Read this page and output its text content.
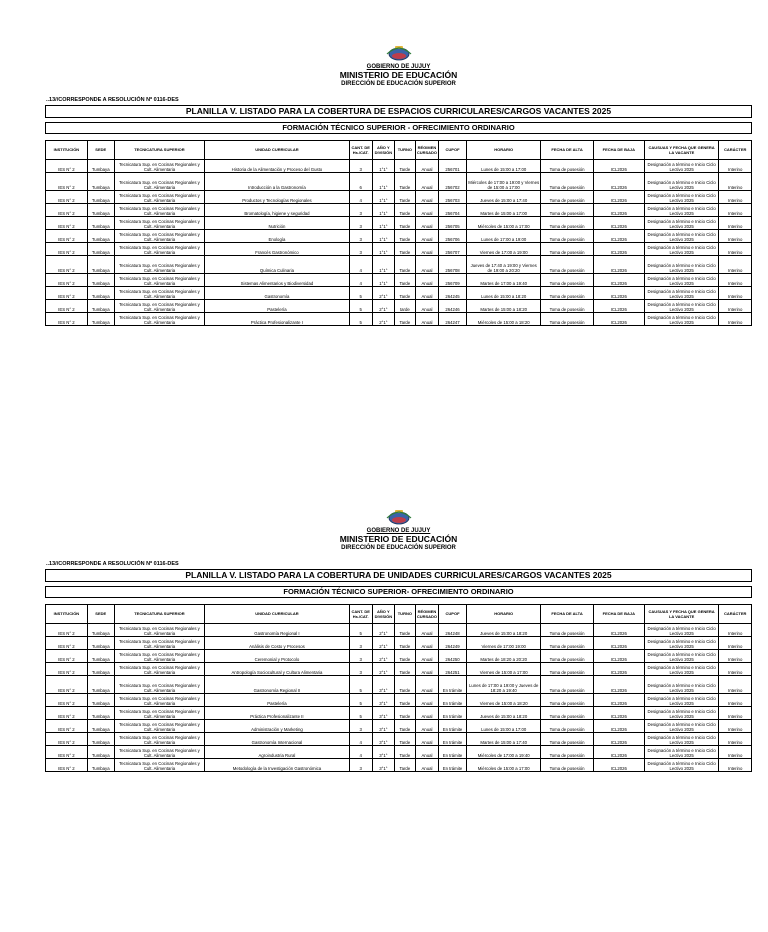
GOBIERNO DE JUJUY
MINISTERIO DE EDUCACIÓN
DIRECCIÓN DE EDUCACIÓN SUPERIOR
..13//CORRESPONDE A RESOLUCIÓN Nº 0116-DES
PLANILLA V. LISTADO PARA LA COBERTURA DE ESPACIOS CURRICULARES/CARGOS VACANTES 2025
FORMACIÓN TÉCNICO SUPERIOR - OFRECIMIENTO ORDINARIO
INSTITUCIÓN	SEDE	TECNICATURA SUPERIOR	UNIDAD CURRICULAR	CANT. DE Hs./CAT.	AÑO Y DIVISIÓN	TURNO	RÉGIMEN CURSADO	CUPOF	HORARIO	FECHA DE ALTA	FECHA DE BAJA	CAUSUAS Y FECHA QUE GENERA LA VACANTE	CARÁCTER
IES N° 2	Tumbaya	Tecnicatura Sup. en Cocinas Regionales y Cult. Alimentaria	Historia de la Alimentación y Proceso del Gusto	3	1°1°	Tarde	Anual	256701	Lunes de 15:00 a 17:00	Toma de posesión	ICL2026	Designación a término e Inicio Ciclo Lectivo 2025	Interino
IES N° 2	Tumbaya	Tecnicatura Sup. en Cocinas Regionales y Cult. Alimentaria	Introducción a la Gastronomía	6	1°1°	Tarde	Anual	256702	Miércoles de 17:00 a 19:00 y Viernes de 15:00 a 17:00	Toma de posesión	ICL2026	Designación a término e Inicio Ciclo Lectivo 2025	Interino
IES N° 2	Tumbaya	Tecnicatura Sup. en Cocinas Regionales y Cult. Alimentaria	Productos y Tecnologías Regionales	4	1°1°	Tarde	Anual	256703	Jueves de 15:00 a 17:40	Toma de posesión	ICL2026	Designación a término e Inicio Ciclo Lectivo 2025	Interino
IES N° 2	Tumbaya	Tecnicatura Sup. en Cocinas Regionales y Cult. Alimentaria	Bromatología, higiene y seguridad	3	1°1°	Tarde	Anual	256704	Martes de 15:00 a 17:00	Toma de posesión	ICL2026	Designación a término e Inicio Ciclo Lectivo 2025	Interino
IES N° 2	Tumbaya	Tecnicatura Sup. en Cocinas Regionales y Cult. Alimentaria	Nutrición	3	1°1°	Tarde	Anual	256705	Miércoles de 15:00 a 17:00	Toma de posesión	ICL2026	Designación a término e Inicio Ciclo Lectivo 2025	Interino
IES N° 2	Tumbaya	Tecnicatura Sup. en Cocinas Regionales y Cult. Alimentaria	Enología	3	1°1°	Tarde	Anual	256706	Lunes de 17:00 a 19:00	Toma de posesión	ICL2026	Designación a término e Inicio Ciclo Lectivo 2025	Interino
IES N° 2	Tumbaya	Tecnicatura Sup. en Cocinas Regionales y Cult. Alimentaria	Francés Gastronómico	3	1°1°	Tarde	Anual	256707	Viernes de 17:00 a 19:00	Toma de posesión	ICL2026	Designación a término e Inicio Ciclo Lectivo 2025	Interino
IES N° 2	Tumbaya	Tecnicatura Sup. en Cocinas Regionales y Cult. Alimentaria	Química Culinaria	4	1°1°	Tarde	Anual	256708	Jueves de 17:40 a 19:00 y Viernes de 19:00 a 20:20	Toma de posesión	ICL2026	Designación a término e Inicio Ciclo Lectivo 2025	Interino
IES N° 2	Tumbaya	Tecnicatura Sup. en Cocinas Regionales y Cult. Alimentaria	Sistemas Alimentarios y Biodiversidad	4	1°1°	Tarde	Anual	256709	Martes de 17:00 a 19:40	Toma de posesión	ICL2026	Designación a término e Inicio Ciclo Lectivo 2025	Interino
IES N° 2	Tumbaya	Tecnicatura Sup. en Cocinas Regionales y Cult. Alimentaria	Gastronomía	5	2°1°	Tarde	Anual	264245	Lunes de 15:00 a 18:20	Toma de posesión	ICL2026	Designación a término e Inicio Ciclo Lectivo 2025	Interino
IES N° 2	Tumbaya	Tecnicatura Sup. en Cocinas Regionales y Cult. Alimentaria	Pastelería	5	2°1°	tarde	Anual	264246	Martes de 15:00 a 18:20	Toma de posesión	ICL2026	Designación a término e Inicio Ciclo Lectivo 2025	Interino
IES N° 2	Tumbaya	Tecnicatura Sup. en Cocinas Regionales y Cult. Alimentaria	Práctica Profesionalizante I	5	2°1°	Tarde	Anual	264247	Miércoles de 15:00 a 18:20	Toma de posesión	ICL2026	Designación a término e Inicio Ciclo Lectivo 2025	Interino
GOBIERNO DE JUJUY
MINISTERIO DE EDUCACIÓN
DIRECCIÓN DE EDUCACIÓN SUPERIOR
..13//CORRESPONDE A RESOLUCIÓN Nº 0116-DES
PLANILLA V. LISTADO PARA LA COBERTURA DE UNIDADES CURRICULARES/CARGOS VACANTES 2025
FORMACIÓN TÉCNICO SUPERIOR- OFRECIMIENTO ORDINARIO
INSTITUCIÓN	SEDE	TECNICATURA SUPERIOR	UNIDAD CURRICULAR	CANT. DE Hs./CAT.	AÑO Y DIVISIÓN	TURNO	RÉGIMEN CURSADO	CUPOF	HORARIO	FECHA DE ALTA	FECHA DE BAJA	CAUSUAS Y FECHA QUE GENERA LA VACANTE	CARÁCTER
IES N° 2	Tumbaya	Tecnicatura Sup. en Cocinas Regionales y Cult. Alimentaria	Gastronomía Regional I	5	2°1°	Tarde	Anual	264248	Jueves de 15:00 a 18:20	Toma de posesión	ICL2026	Designación a término e Inicio Ciclo Lectivo 2025	Interino
IES N° 2	Tumbaya	Tecnicatura Sup. en Cocinas Regionales y Cult. Alimentaria	Análisis de Costo y Procesos	3	2°1°	Tarde	Anual	264249	Viernes de 17:00 19:00	Toma de posesión	ICL2026	Designación a término e Inicio Ciclo Lectivo 2025	Interino
IES N° 2	Tumbaya	Tecnicatura Sup. en Cocinas Regionales y Cult. Alimentaria	Ceremonial y Protocolo	3	2°1°	Tarde	Anual	264250	Martes de 18:20 a 20:20	Toma de posesión	ICL2026	Designación a término e Inicio Ciclo Lectivo 2025	Interino
IES N° 2	Tumbaya	Tecnicatura Sup. en Cocinas Regionales y Cult. Alimentaria	Antropología Sociocultural y Cultura Alimentaria	3	2°1°	Tarde	Anual	264251	Viernes de 15:00 a 17:00	Toma de posesión	ICL2026	Designación a término e Inicio Ciclo Lectivo 2025	Interino
IES N° 2	Tumbaya	Tecnicatura Sup. en Cocinas Regionales y Cult. Alimentaria	Gastronomía Regional II	5	3°1°	Tarde	Anual	En trámite	Lunes de 17:00 a 19:00 y Jueves de 18:20 a 19:40	Toma de posesión	ICL2026	Designación a término e Inicio Ciclo Lectivo 2025	Interino
IES N° 2	Tumbaya	Tecnicatura Sup. en Cocinas Regionales y Cult. Alimentaria	Pastelería	5	3°1°	Tarde	Anual	En trámite	Viernes de 15:00 a 18:20	Toma de posesión	ICL2026	Designación a término e Inicio Ciclo Lectivo 2025	Interino
IES N° 2	Tumbaya	Tecnicatura Sup. en Cocinas Regionales y Cult. Alimentaria	Práctica Profesionalizante II	5	3°1°	Tarde	Anual	En trámite	Jueves de 15:00 a 18:20	Toma de posesión	ICL2026	Designación a término e Inicio Ciclo Lectivo 2025	Interino
IES N° 2	Tumbaya	Tecnicatura Sup. en Cocinas Regionales y Cult. Alimentaria	Administración y Marketing	3	3°1°	Tarde	Anual	En trámite	Lunes de 15:00 a 17:00	Toma de posesión	ICL2026	Designación a término e Inicio Ciclo Lectivo 2025	Interino
IES N° 2	Tumbaya	Tecnicatura Sup. en Cocinas Regionales y Cult. Alimentaria	Gastronomía Internacional	4	3°1°	Tarde	Anual	En trámite	Martes de 15:00 a 17:40	Toma de posesión	ICL2026	Designación a término e Inicio Ciclo Lectivo 2025	Interino
IES N° 2	Tumbaya	Tecnicatura Sup. en Cocinas Regionales y Cult. Alimentaria	Agroindustria Rural	4	3°1°	Tarde	Anual	En trámite	Miércoles de 17:00 a 19:40	Toma de posesión	ICL2026	Designación a término e Inicio Ciclo Lectivo 2025	Interino
IES N° 2	Tumbaya	Tecnicatura Sup. en Cocinas Regionales y Cult. Alimentaria	Metodología de la Investigación Gastronómica	3	3°1°	Tarde	Anual	En trámite	Miércoles de 15:00 a 17:00	Toma de posesión	ICL2026	Designación a término e Inicio Ciclo Lectivo 2025	Interino
